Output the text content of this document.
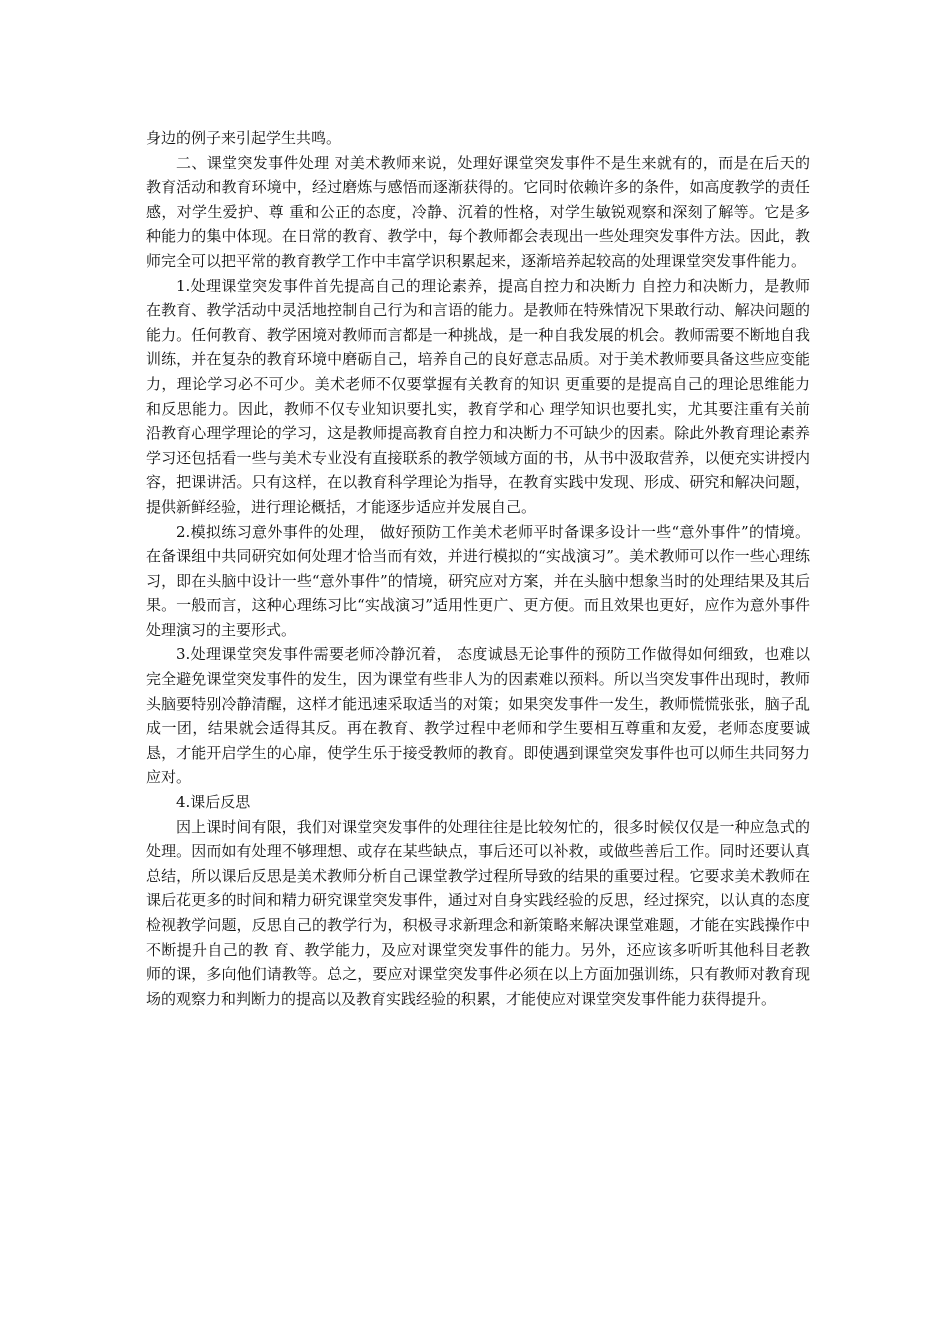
身边的例子来引起学生共鸣。

二、课堂突发事件处理 对美术教师来说，处理好课堂突发事件不是生来就有的，而是在后天的教育活动和教育环境中，经过磨炼与感悟而逐渐获得的。它同时依赖许多的条件，如高度教学的责任感，对学生爱护、尊 重和公正的态度，冷静、沉着的性格，对学生敏锐观察和深刻了解等。它是多种能力的集中体现。在日常的教育、教学中，每个教师都会表现出一些处理突发事件方法。因此，教师完全可以把平常的教育教学工作中丰富学识积累起来，逐渐培养起较高的处理课堂突发事件能力。

1.处理课堂突发事件首先提高自己的理论素养，提高自控力和决断力 自控力和决断力，是教师在教育、教学活动中灵活地控制自己行为和言语的能力。是教师在特殊情况下果敢行动、解决问题的能力。任何教育、教学困境对教师而言都是一种挑战，是一种自我发展的机会。教师需要不断地自我训练，并在复杂的教育环境中磨砺自己，培养自己的良好意志品质。对于美术教师要具备这些应变能力，理论学习必不可少。美术老师不仅要掌握有关教育的知识 更重要的是提高自己的理论思维能力和反思能力。因此，教师不仅专业知识要扎实，教育学和心 理学知识也要扎实，尤其要注重有关前沿教育心理学理论的学习，这是教师提高教育自控力和决断力不可缺少的因素。除此外教育理论素养学习还包括看一些与美术专业没有直接联系的教学领域方面的书，从书中汲取营养，以便充实讲授内容，把课讲活。只有这样，在以教育科学理论为指导，在教育实践中发现、形成、研究和解决问题，提供新鲜经验，进行理论概括，才能逐步适应并发展自己。

2.模拟练习意外事件的处理， 做好预防工作美术老师平时备课多设计一些“意外事件”的情境。在备课组中共同研究如何处理才恰当而有效，并进行模拟的“实战演习”。美术教师可以作一些心理练习，即在头脑中设计一些“意外事件”的情境，研究应对方案，并在头脑中想象当时的处理结果及其后果。一般而言，这种心理练习比“实战演习”适用性更广、更方便。而且效果也更好，应作为意外事件处理演习的主要形式。

3.处理课堂突发事件需要老师冷静沉着， 态度诚恳无论事件的预防工作做得如何细致，也难以完全避免课堂突发事件的发生，因为课堂有些非人为的因素难以预料。所以当突发事件出现时，教师头脑要特别冷静清醒，这样才能迅速采取适当的对策；如果突发事件一发生，教师慌慌张张，脑子乱成一团，结果就会适得其反。再在教育、教学过程中老师和学生要相互尊重和友爱，老师态度要诚恳，才能开启学生的心扉，使学生乐于接受教师的教育。即使遇到课堂突发事件也可以师生共同努力应对。

4.课后反思

因上课时间有限，我们对课堂突发事件的处理往往是比较匆忙的，很多时候仅仅是一种应急式的处理。因而如有处理不够理想、或存在某些缺点，事后还可以补救，或做些善后工作。同时还要认真总结，所以课后反思是美术教师分析自己课堂教学过程所导致的结果的重要过程。它要求美术教师在课后花更多的时间和精力研究课堂突发事件，通过对自身实践经验的反思，经过探究，以认真的态度检视教学问题，反思自己的教学行为，积极寻求新理念和新策略来解决课堂难题，才能在实践操作中不断提升自己的教 育、教学能力，及应对课堂突发事件的能力。另外，还应该多听听其他科目老教师的课，多向他们请教等。总之，要应对课堂突发事件必须在以上方面加强训练，只有教师对教育现场的观察力和判断力的提高以及教育实践经验的积累，才能使应对课堂突发事件能力获得提升。
